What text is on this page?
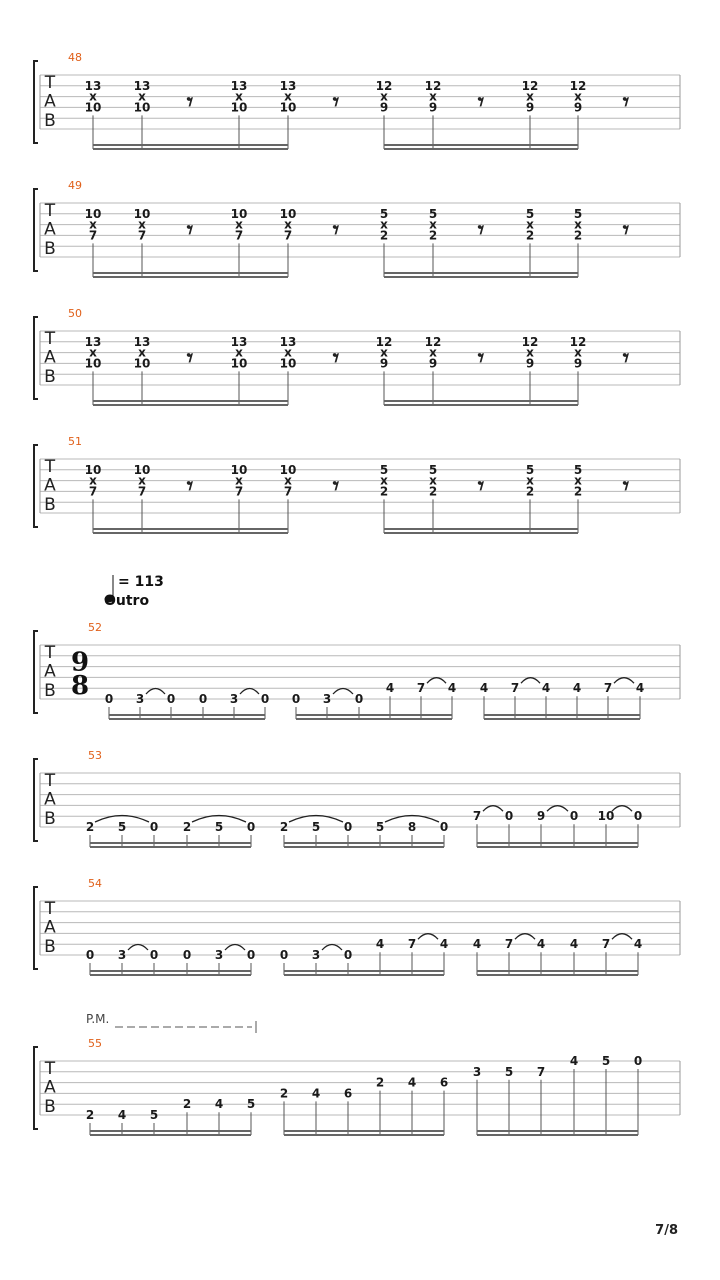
T
A
B
48
13
x
10
13
x
10 𝄾
13
x
10
13
x
10 𝄾
12
x
9
12
x
9 𝄾
12
x
9
12
x
9 𝄾
T
A
B
49
10
x
7
10
x
7 𝄾
10
x
7
10
x
7 𝄾
5
x
2
5
x
2 𝄾
5
x
2
5
x
2 𝄾
T
A
B
50
13
x
10
13
x
10 𝄾
13
x
10
13
x
10 𝄾
12
x
9
12
x
9 𝄾
12
x
9
12
x
9 𝄾
T
A
B
51
10
x
7
10
x
7 𝄾
10
x
7
10
x
7 𝄾
5
x
2
5
x
2 𝄾
5
x
2
5
x
2 𝄾
T
A
B
52
9
8 0 3 0 0 3 0 0 3 0
4 7 4 4 7 4 4 7 4
T
A
B
53
2 5 0 2 5 0 2 5 0 5 8 0
7 0 9 0 10 0
T
A
B
54
0 3 0 0 3 0 0 3 0
4 7 4 4 7 4 4 7 4
T
A
B
55
2 4 5
2 4 5
2 4 6
2 4 6
3 5 7
4 5 0
= 113
Outro
P.M.
7/8
